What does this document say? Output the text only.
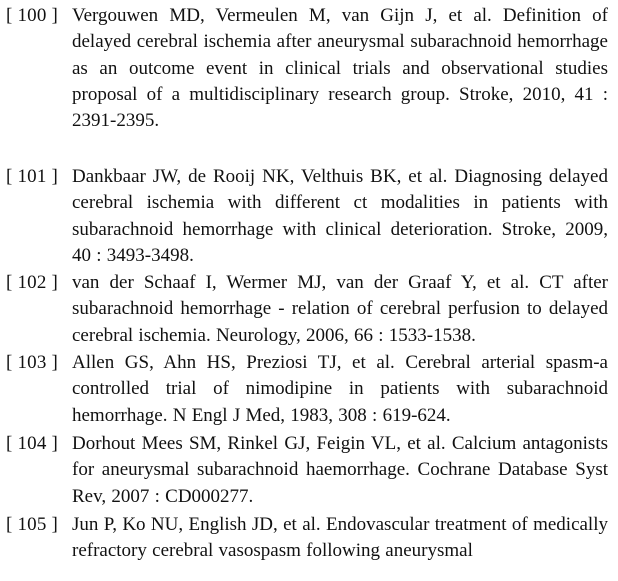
[ 100 ] Vergouwen MD, Vermeulen M, van Gijn J, et al. Definition of delayed cerebral ischemia after aneurysmal subarachnoid hemorrhage as an outcome event in clinical trials and observational studies proposal of a multidisciplinary research group. Stroke, 2010, 41 : 2391-2395.
[ 101 ] Dankbaar JW, de Rooij NK, Velthuis BK, et al. Diagnosing delayed cerebral ischemia with different ct modalities in patients with subarachnoid hemorrhage with clinical deterioration. Stroke, 2009, 40 : 3493-3498.
[ 102 ] van der Schaaf I, Wermer MJ, van der Graaf Y, et al. CT after subarachnoid hemorrhage - relation of cerebral perfusion to delayed cerebral ischemia. Neurology, 2006, 66 : 1533-1538.
[ 103 ] Allen GS, Ahn HS, Preziosi TJ, et al. Cerebral arterial spasm-a controlled trial of nimodipine in patients with subarachnoid hemorrhage. N Engl J Med, 1983, 308 : 619-624.
[ 104 ] Dorhout Mees SM, Rinkel GJ, Feigin VL, et al. Calcium antagonists for aneurysmal subarachnoid haemorrhage. Cochrane Database Syst Rev, 2007 : CD000277.
[ 105 ] Jun P, Ko NU, English JD, et al. Endovascular treatment of medically refractory cerebral vasospasm following aneurysmal
